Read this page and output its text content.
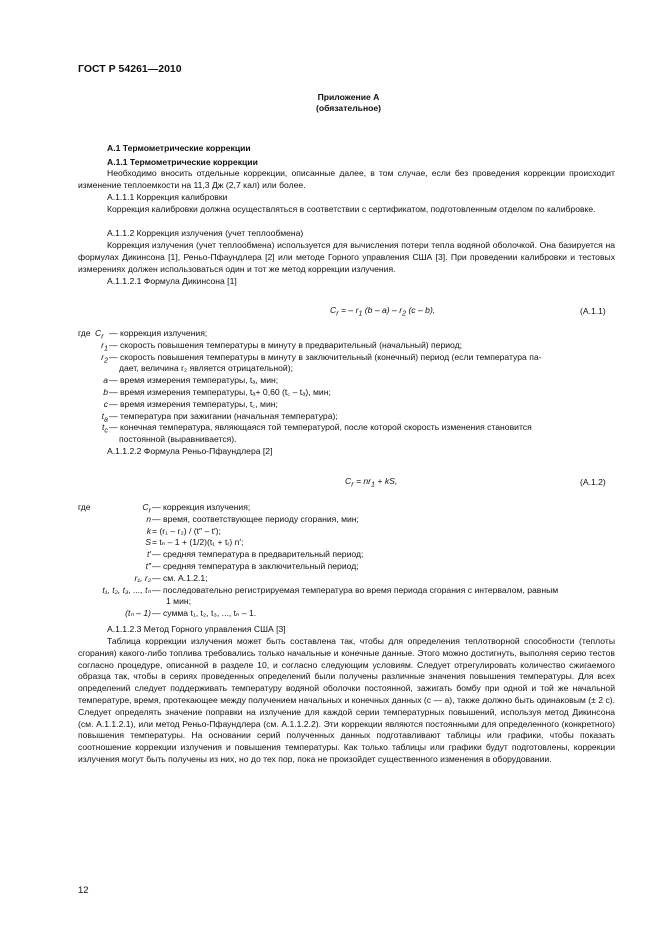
ГОСТ Р 54261—2010
Приложение А
(обязательное)
А.1 Термометрические коррекции
А.1.1 Термометрические коррекции
Необходимо вносить отдельные коррекции, описанные далее, в том случае, если без проведения коррекции происходит изменение теплоемкости на 11,3 Дж (2,7 кал) или более.
А.1.1.1 Коррекция калибровки
Коррекция калибровки должна осуществляться в соответствии с сертификатом, подготовленным отделом по калибровке.
А.1.1.2 Коррекция излучения (учет теплообмена)
Коррекция излучения (учет теплообмена) используется для вычисления потери тепла водяной оболочкой. Она базируется на формулах Дикинсона [1], Реньо-Пфаундлера [2] или методе Горного управления США [3]. При проведении калибровки и тестовых измерениях должен использоваться один и тот же метод коррекции излучения.
А.1.1.2.1 Формула Дикинсона [1]
$C_r$ = – $r_1$ $(b - a) - r_2$ (c – b),	(A.1.1)
где $C_r$ — коррекция излучения;
$r_1$ — скорость повышения температуры в минуту в предварительный (начальный) период;
$r_2$ — скорость повышения температуры в минуту в заключительный (конечный) период (если температура па-
дает, величина r₂ является отрицательной);
a — время измерения температуры, tₐ, мин;
b — время измерения температуры, tₐ+ 0,60 (t꜀ – tₐ), мин;
c — время измерения температуры, t꜀, мин;
$t_a$ — температура при зажигании (начальная температура);
$t_c$ — конечная температура, являющаяся той температурой, после которой скорость изменения становится
постоянной (выравнивается).
А.1.1.2.2 Формула Реньо-Пфаундлера [2]
$C_r = nr_1$ + kS,	(A.1.2)
где	$C_r$ — коррекция излучения;
n — время, соответствующее периоду сгорания, мин;
k = (r₁ – r₂) / (t″ – t′);
S = tₙ – 1 + (1/2)(t₁ + tᵣ) n′;
t′ — средняя температура в предварительный период;
t″ — средняя температура в заключительный период;
r₁, r₂ — см. А.1.2.1;
t₁, t₂, t₃, ..., tₙ — последовательно регистрируемая температура во время периода сгорания с интервалом, равным
1 мин;
(tₙ – 1) — сумма t₁, t₂, t₃, ..., tₙ – 1.
А.1.1.2.3 Метод Горного управления США [3]
Таблица коррекции излучения может быть составлена так, чтобы для определения теплотворной способности (теплоты сгорания) какого-либо топлива требовались только начальные и конечные данные. Этого можно достигнуть, выполняя серию тестов согласно процедуре, описанной в разделе 10, и согласно следующим условиям. Следует отрегулировать количество сжигаемого образца так, чтобы в сериях проведенных определений были получены различные значения повышения температуры. Для всех определений следует поддерживать температуру водяной оболочки постоянной, зажигать бомбу при одной и той же начальной температуре, время, протекающее между получением начальных и конечных данных (c — a), также должно быть одинаковым (± 2 с). Следует определять значение поправки на излучение для каждой серии температурных повышений, используя метод Дикинсона (см. А.1.1.2.1), или метод Реньо-Пфаундлера (см. А.1.1.2.2). Эти коррекции являются постоянными для определенного (конкретного) повышения температуры. На основании серий полученных данных подготавливают таблицы или графики, чтобы показать соотношение коррекции излучения и повышения температуры. Как только таблицы или графики будут подготовлены, коррекции излучения могут быть получены из них, но до тех пор, пока не произойдет существенного изменения в оборудовании.
12
